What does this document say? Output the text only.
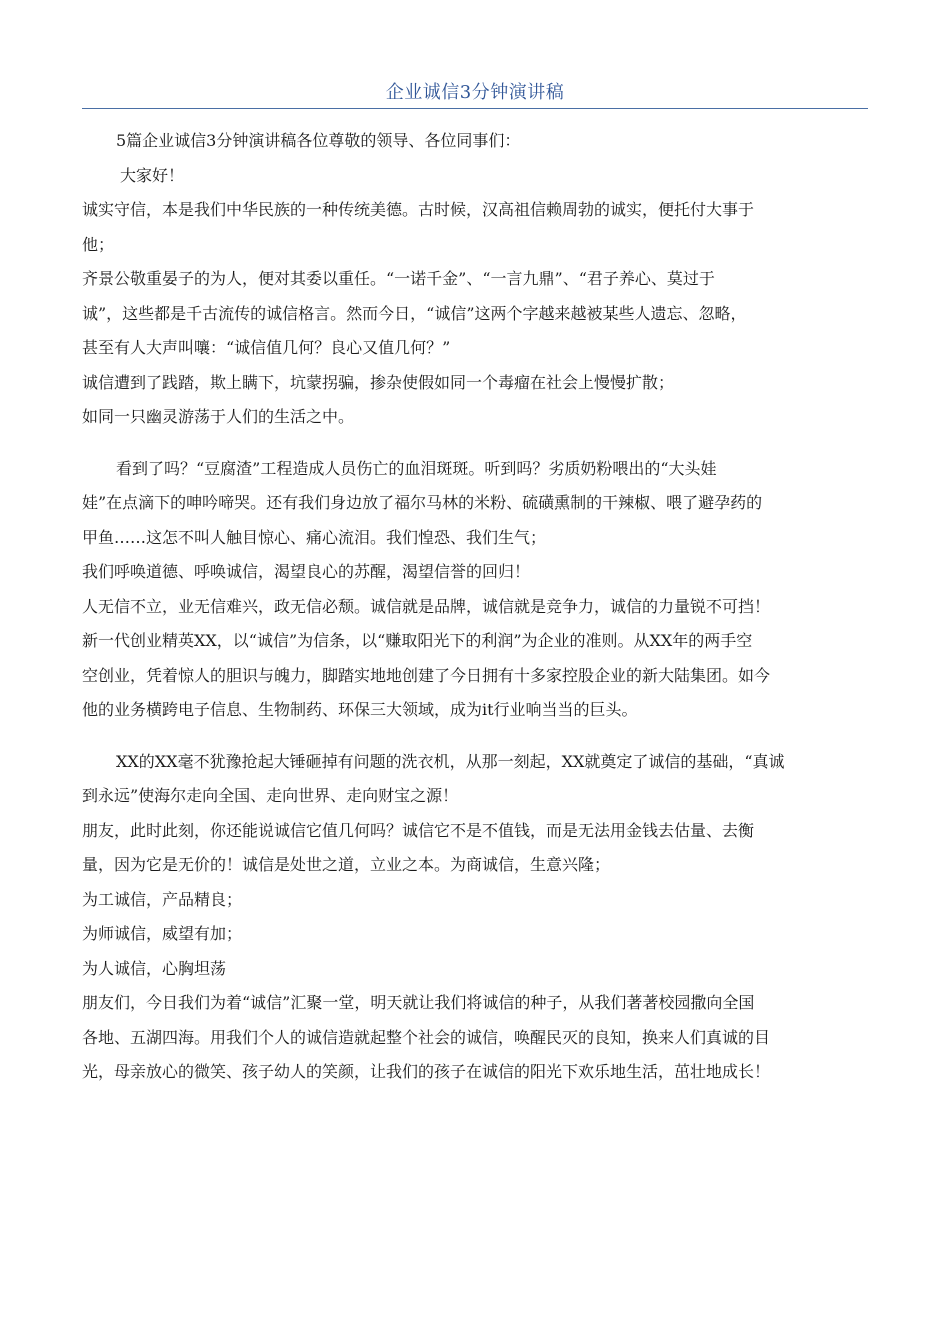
企业诚信3分钟演讲稿

5篇企业诚信3分钟演讲稿各位尊敬的领导、各位同事们：

大家好！

诚实守信，本是我们中华民族的一种传统美德。古时候，汉高祖信赖周勃的诚实，便托付大事于

他；

齐景公敬重晏子的为人，便对其委以重任。“一诺千金”、“一言九鼎”、“君子养心、莫过于

诚”，这些都是千古流传的诚信格言。然而今日，“诚信”这两个字越来越被某些人遗忘、忽略，

甚至有人大声叫嚷：“诚信值几何？良心又值几何？”

诚信遭到了践踏，欺上瞒下，坑蒙拐骗，掺杂使假如同一个毒瘤在社会上慢慢扩散；

如同一只幽灵游荡于人们的生活之中。

看到了吗？“豆腐渣”工程造成人员伤亡的血泪斑斑。听到吗？劣质奶粉喂出的“大头娃

娃”在点滴下的呻吟啼哭。还有我们身边放了福尔马林的米粉、硫磺熏制的干辣椒、喂了避孕药的

甲鱼……这怎不叫人触目惊心、痛心流泪。我们惶恐、我们生气；

我们呼唤道德、呼唤诚信，渴望良心的苏醒，渴望信誉的回归！

人无信不立，业无信难兴，政无信必颓。诚信就是品牌，诚信就是竞争力，诚信的力量锐不可挡！

新一代创业精英XX，以“诚信”为信条，以“赚取阳光下的利润”为企业的准则。从XX年的两手空

空创业，凭着惊人的胆识与魄力，脚踏实地地创建了今日拥有十多家控股企业的新大陆集团。如今

他的业务横跨电子信息、生物制药、环保三大领域，成为it行业响当当的巨头。

XX的XX毫不犹豫抢起大锤砸掉有问题的洗衣机，从那一刻起，XX就奠定了诚信的基础，“真诚

到永远”使海尔走向全国、走向世界、走向财宝之源！

朋友，此时此刻，你还能说诚信它值几何吗？诚信它不是不值钱，而是无法用金钱去估量、去衡

量，因为它是无价的！诚信是处世之道，立业之本。为商诚信，生意兴隆；

为工诚信，产品精良；

为师诚信，威望有加；

为人诚信，心胸坦荡

朋友们，今日我们为着“诚信”汇聚一堂，明天就让我们将诚信的种子，从我们著著校园撒向全国

各地、五湖四海。用我们个人的诚信造就起整个社会的诚信，唤醒民灭的良知，换来人们真诚的目

光，母亲放心的微笑、孩子幼人的笑颜，让我们的孩子在诚信的阳光下欢乐地生活，茁壮地成长！
